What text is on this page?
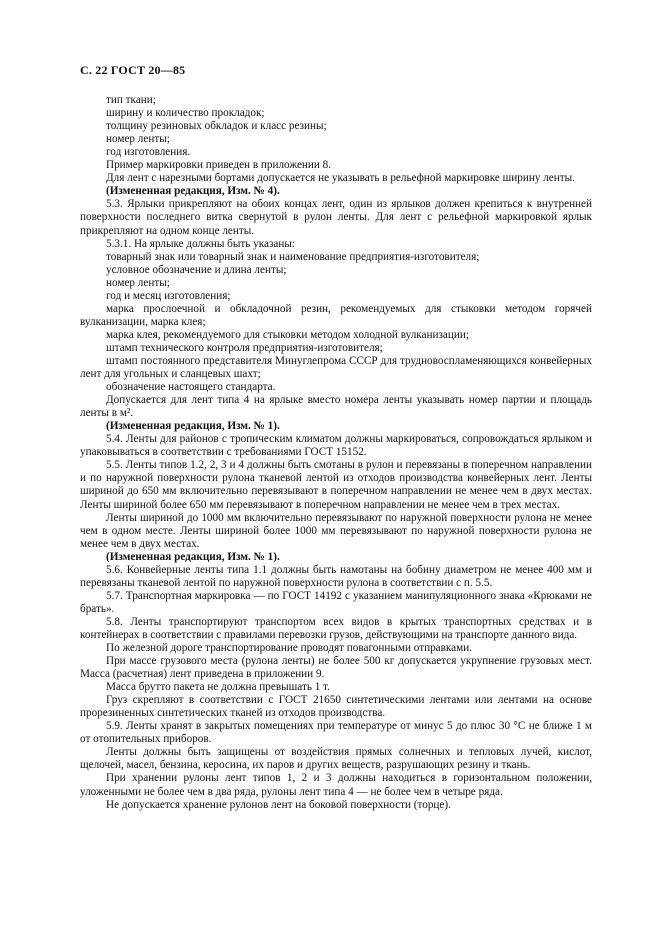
С. 22 ГОСТ 20—85

тип ткани;

ширину и количество прокладок;

толщину резиновых обкладок и класс резины;

номер ленты;

год изготовления.

Пример маркировки приведен в приложении 8.

Для лент с нарезными бортами допускается не указывать в рельефной маркировке ширину ленты.

(Измененная редакция, Изм. № 4).

5.3. Ярлыки прикрепляют на обоих концах лент, один из ярлыков должен крепиться к внутренней поверхности последнего витка свернутой в рулон ленты. Для лент с рельефной маркировкой ярлык прикрепляют на одном конце ленты.

5.3.1. На ярлыке должны быть указаны:

товарный знак или товарный знак и наименование предприятия-изготовителя;

условное обозначение и длина ленты;

номер ленты;

год и месяц изготовления;

марка прослоечной и обкладочной резин, рекомендуемых для стыковки методом горячей вулканизации, марка клея;

марка клея, рекомендуемого для стыковки методом холодной вулканизации;

штамп технического контроля предприятия-изготовителя;

штамп постоянного представителя Минуглепрома СССР для трудновоспламеняющихся конвейерных лент для угольных и сланцевых шахт;

обозначение настоящего стандарта.

Допускается для лент типа 4 на ярлыке вместо номера ленты указывать номер партии и площадь ленты в м².

(Измененная редакция, Изм. № 1).

5.4. Ленты для районов с тропическим климатом должны маркироваться, сопровождаться ярлыком и упаковываться в соответствии с требованиями ГОСТ 15152.

5.5. Ленты типов 1.2, 2, 3 и 4 должны быть смотаны в рулон и перевязаны в поперечном направлении и по наружной поверхности рулона тканевой лентой из отходов производства конвейерных лент. Ленты шириной до 650 мм включительно перевязывают в поперечном направлении не менее чем в двух местах. Ленты шириной более 650 мм перевязывают в поперечном направлении не менее чем в трех местах.

Ленты шириной до 1000 мм включительно перевязывают по наружной поверхности рулона не менее чем в одном месте. Ленты шириной более 1000 мм перевязывают по наружной поверхности рулона не менее чем в двух местах.

(Измененная редакция, Изм. № 1).

5.6. Конвейерные ленты типа 1.1 должны быть намотаны на бобину диаметром не менее 400 мм и перевязаны тканевой лентой по наружной поверхности рулона в соответствии с п. 5.5.

5.7. Транспортная маркировка — по ГОСТ 14192 с указанием манипуляционного знака «Крюками не брать».

5.8. Ленты транспортируют транспортом всех видов в крытых транспортных средствах и в контейнерах в соответствии с правилами перевозки грузов, действующими на транспорте данного вида.

По железной дороге транспортирование проводят повагонными отправками.

При массе грузового места (рулона ленты) не более 500 кг допускается укрупнение грузовых мест. Масса (расчетная) лент приведена в приложении 9.

Масса брутто пакета не должна превышать 1 т.

Груз скрепляют в соответствии с ГОСТ 21650 синтетическими лентами или лентами на основе прорезиненных синтетических тканей из отходов производства.

5.9. Ленты хранят в закрытых помещениях при температуре от минус 5 до плюс 30 °С не ближе 1 м от отопительных приборов.

Ленты должны быть защищены от воздействия прямых солнечных и тепловых лучей, кислот, щелочей, масел, бензина, керосина, их паров и других веществ, разрушающих резину и ткань.

При хранении рулоны лент типов 1, 2 и 3 должны находиться в горизонтальном положении, уложенными не более чем в два ряда, рулоны лент типа 4 — не более чем в четыре ряда.

Не допускается хранение рулонов лент на боковой поверхности (торце).
